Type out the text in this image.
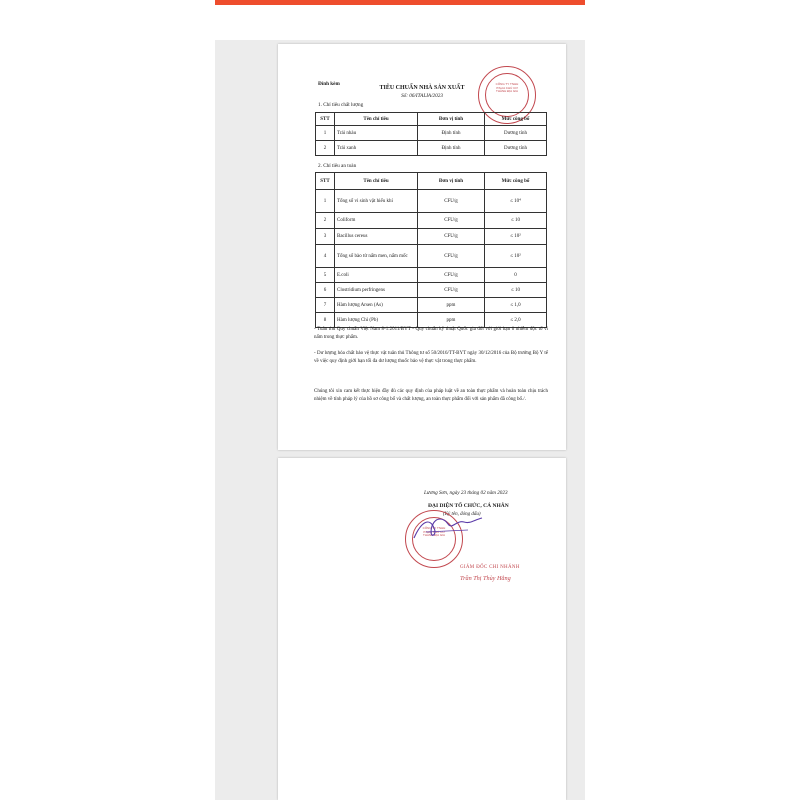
Đính kèm
TIÊU CHUẨN NHÀ SẢN XUẤT
Số: 06/ITALIA/2023
CÔNG TY TNHH ITALIA CHỦ CƠ THÀNH ĐỊA GIA
1. Chỉ tiêu chất lượng
STT	Tên chỉ tiêu	Đơn vị tính	Mức công bố
1	Trái nhàu	Định tính	Dương tính
2	Trái xanh	Định tính	Dương tính
2. Chỉ tiêu an toàn
STT	Tên chỉ tiêu	Đơn vị tính	Mức công bố
1	Tổng số vi sinh vật hiếu khí	CFU/g	≤ 10⁴
2	Coliform	CFU/g	≤ 10
3	Bacillus cereus	CFU/g	≤ 10²
4	Tổng số bào tử nấm men, nấm mốc	CFU/g	≤ 10²
5	E.coli	CFU/g	0
6	Clostridium perfringens	CFU/g	≤ 10
7	Hàm lượng Arsen (As)	ppm	≤ 1,0
8	Hàm lượng Chì (Pb)	ppm	≤ 2,0
- Tuân thủ Quy chuẩn Việt Nam 8-1:2011/BYT - Quy chuẩn kỹ thuật Quốc gia đối với giới hạn ô nhiễm độc tố vi nấm trong thực phẩm.
- Dư lượng hóa chất bảo vệ thực vật tuân thủ Thông tư số 50/2016/TT-BYT ngày 30/12/2016 của Bộ trưởng Bộ Y tế về việc quy định giới hạn tối đa dư lượng thuốc bảo vệ thực vật trong thực phẩm.
Chúng tôi xin cam kết thực hiện đầy đủ các quy định của pháp luật về an toàn thực phẩm và hoàn toàn chịu trách nhiệm về tính pháp lý của hồ sơ công bố và chất lượng, an toàn thực phẩm đối với sản phẩm đã công bố./.
Lương Sơn, ngày 23 tháng 02 năm 2023
ĐẠI DIỆN TỔ CHỨC, CÁ NHÂN
(Ký tên, đóng dấu)
CÔNG TY TNHH ITALIA CHỦ CƠ THÀNH ĐỊA GIA
GIÁM ĐỐC CHI NHÁNH
Trần Thị Thùy Hằng
